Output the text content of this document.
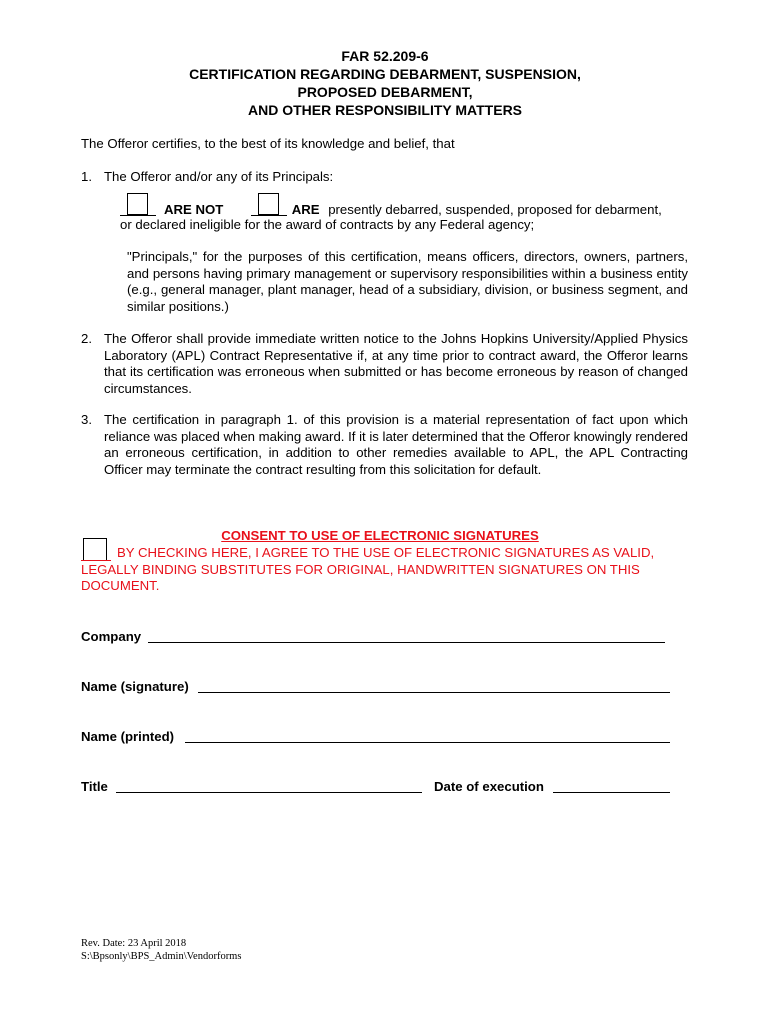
FAR 52.209-6
CERTIFICATION REGARDING DEBARMENT, SUSPENSION,
PROPOSED DEBARMENT,
AND OTHER RESPONSIBILITY MATTERS
The Offeror certifies, to the best of its knowledge and belief, that
1. The Offeror and/or any of its Principals:
ARE NOT	ARE presently debarred, suspended, proposed for debarment,
or declared ineligible for the award of contracts by any Federal agency;
"Principals," for the purposes of this certification, means officers, directors, owners, partners, and persons having primary management or supervisory responsibilities within a business entity (e.g., general manager, plant manager, head of a subsidiary, division, or business segment, and similar positions.)
2. The Offeror shall provide immediate written notice to the Johns Hopkins University/Applied Physics Laboratory (APL) Contract Representative if, at any time prior to contract award, the Offeror learns that its certification was erroneous when submitted or has become erroneous by reason of changed circumstances.
3. The certification in paragraph 1. of this provision is a material representation of fact upon which reliance was placed when making award. If it is later determined that the Offeror knowingly rendered an erroneous certification, in addition to other remedies available to APL, the APL Contracting Officer may terminate the contract resulting from this solicitation for default.
CONSENT TO USE OF ELECTRONIC SIGNATURES
BY CHECKING HERE, I AGREE TO THE USE OF ELECTRONIC SIGNATURES AS VALID, LEGALLY BINDING SUBSTITUTES FOR ORIGINAL, HANDWRITTEN SIGNATURES ON THIS DOCUMENT.
Company
Name (signature)
Name (printed)
Title	Date of execution
Rev. Date: 23 April 2018
S:\Bpsonly\BPS_Admin\Vendorforms
